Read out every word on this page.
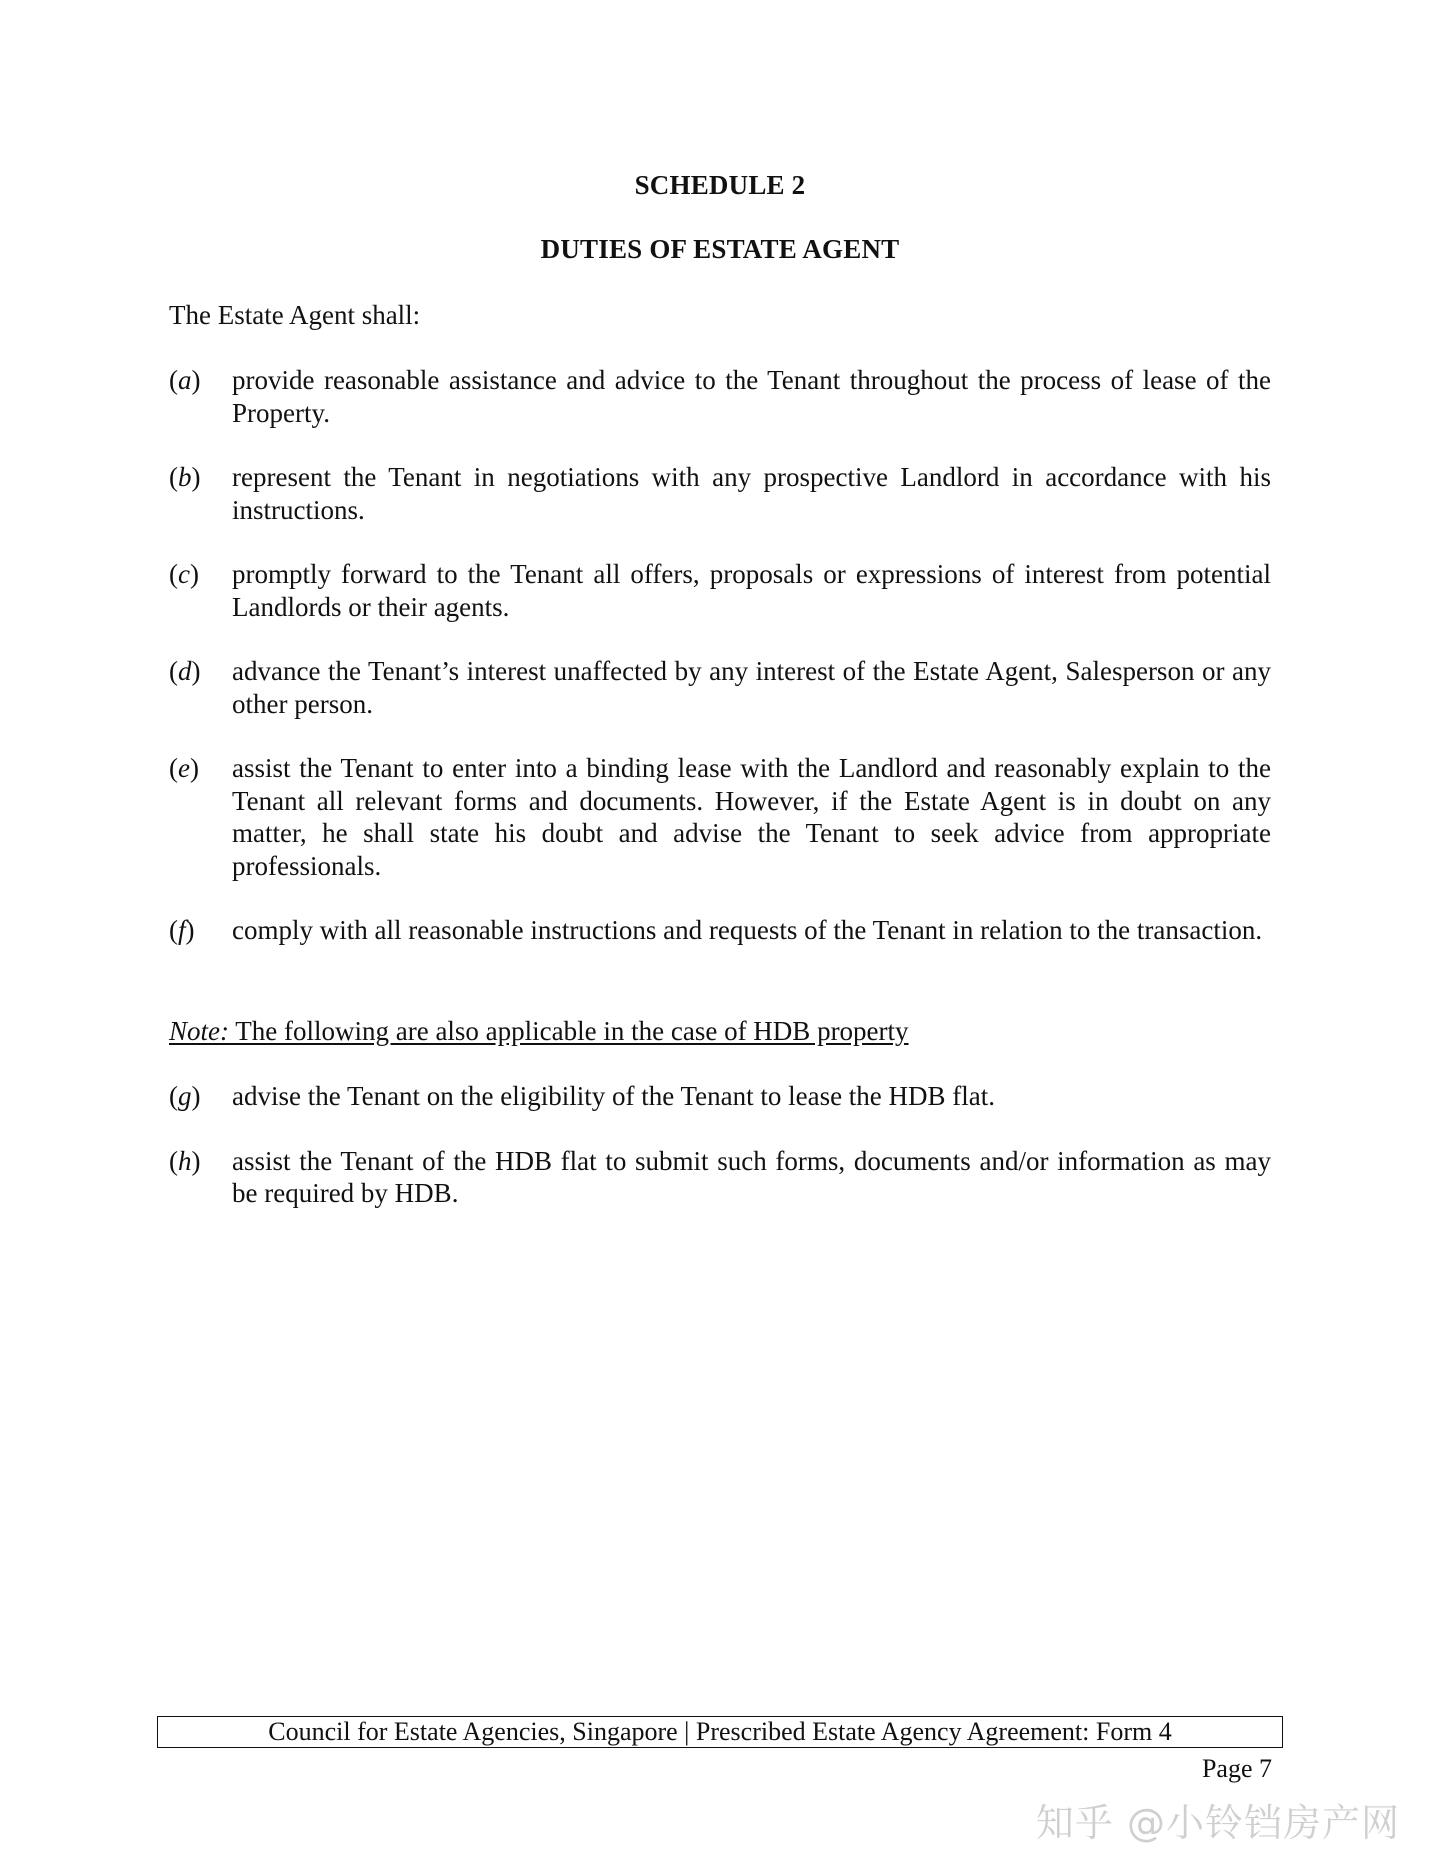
SCHEDULE 2
DUTIES OF ESTATE AGENT
The Estate Agent shall:
(a)	provide reasonable assistance and advice to the Tenant throughout the process of lease of the Property.
(b)	represent the Tenant in negotiations with any prospective Landlord in accordance with his instructions.
(c)	promptly forward to the Tenant all offers, proposals or expressions of interest from potential Landlords or their agents.
(d)	advance the Tenant’s interest unaffected by any interest of the Estate Agent, Salesperson or any other person.
(e)	assist the Tenant to enter into a binding lease with the Landlord and reasonably explain to the Tenant all relevant forms and documents. However, if the Estate Agent is in doubt on any matter, he shall state his doubt and advise the Tenant to seek advice from appropriate professionals.
(f)	comply with all reasonable instructions and requests of the Tenant in relation to the transaction.
Note: The following are also applicable in the case of HDB property
(g)	advise the Tenant on the eligibility of the Tenant to lease the HDB flat.
(h)	assist the Tenant of the HDB flat to submit such forms, documents and/or information as may be required by HDB.
Council for Estate Agencies, Singapore | Prescribed Estate Agency Agreement: Form 4
Page 7
知乎 @小铃铛房产网
